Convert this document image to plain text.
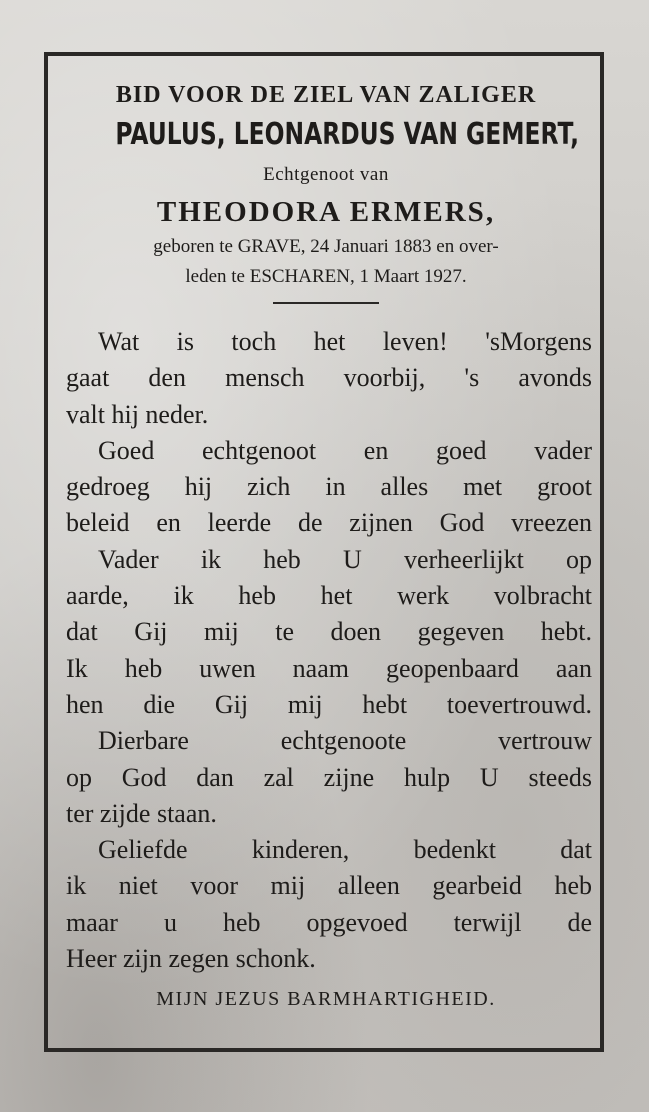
BID VOOR DE ZIEL VAN ZALIGER
PAULUS, LEONARDUS VAN GEMERT,
Echtgenoot van
THEODORA ERMERS,
geboren te GRAVE, 24 Januari 1883 en over-
leden te ESCHAREN, 1 Maart 1927.
Wat is toch het leven! 'sMorgens
gaat den mensch voorbij, 's avonds
valt hij neder.
Goed echtgenoot en goed vader
gedroeg hij zich in alles met groot
beleid en leerde de zijnen God vreezen
Vader ik heb U verheerlijkt op
aarde, ik heb het werk volbracht
dat Gij mij te doen gegeven hebt.
Ik heb uwen naam geopenbaard aan
hen die Gij mij hebt toevertrouwd.
Dierbare echtgenoote vertrouw
op God dan zal zijne hulp U steeds
ter zijde staan.
Geliefde kinderen, bedenkt dat
ik niet voor mij alleen gearbeid heb
maar u heb opgevoed terwijl de
Heer zijn zegen schonk.
MIJN JEZUS BARMHARTIGHEID.
